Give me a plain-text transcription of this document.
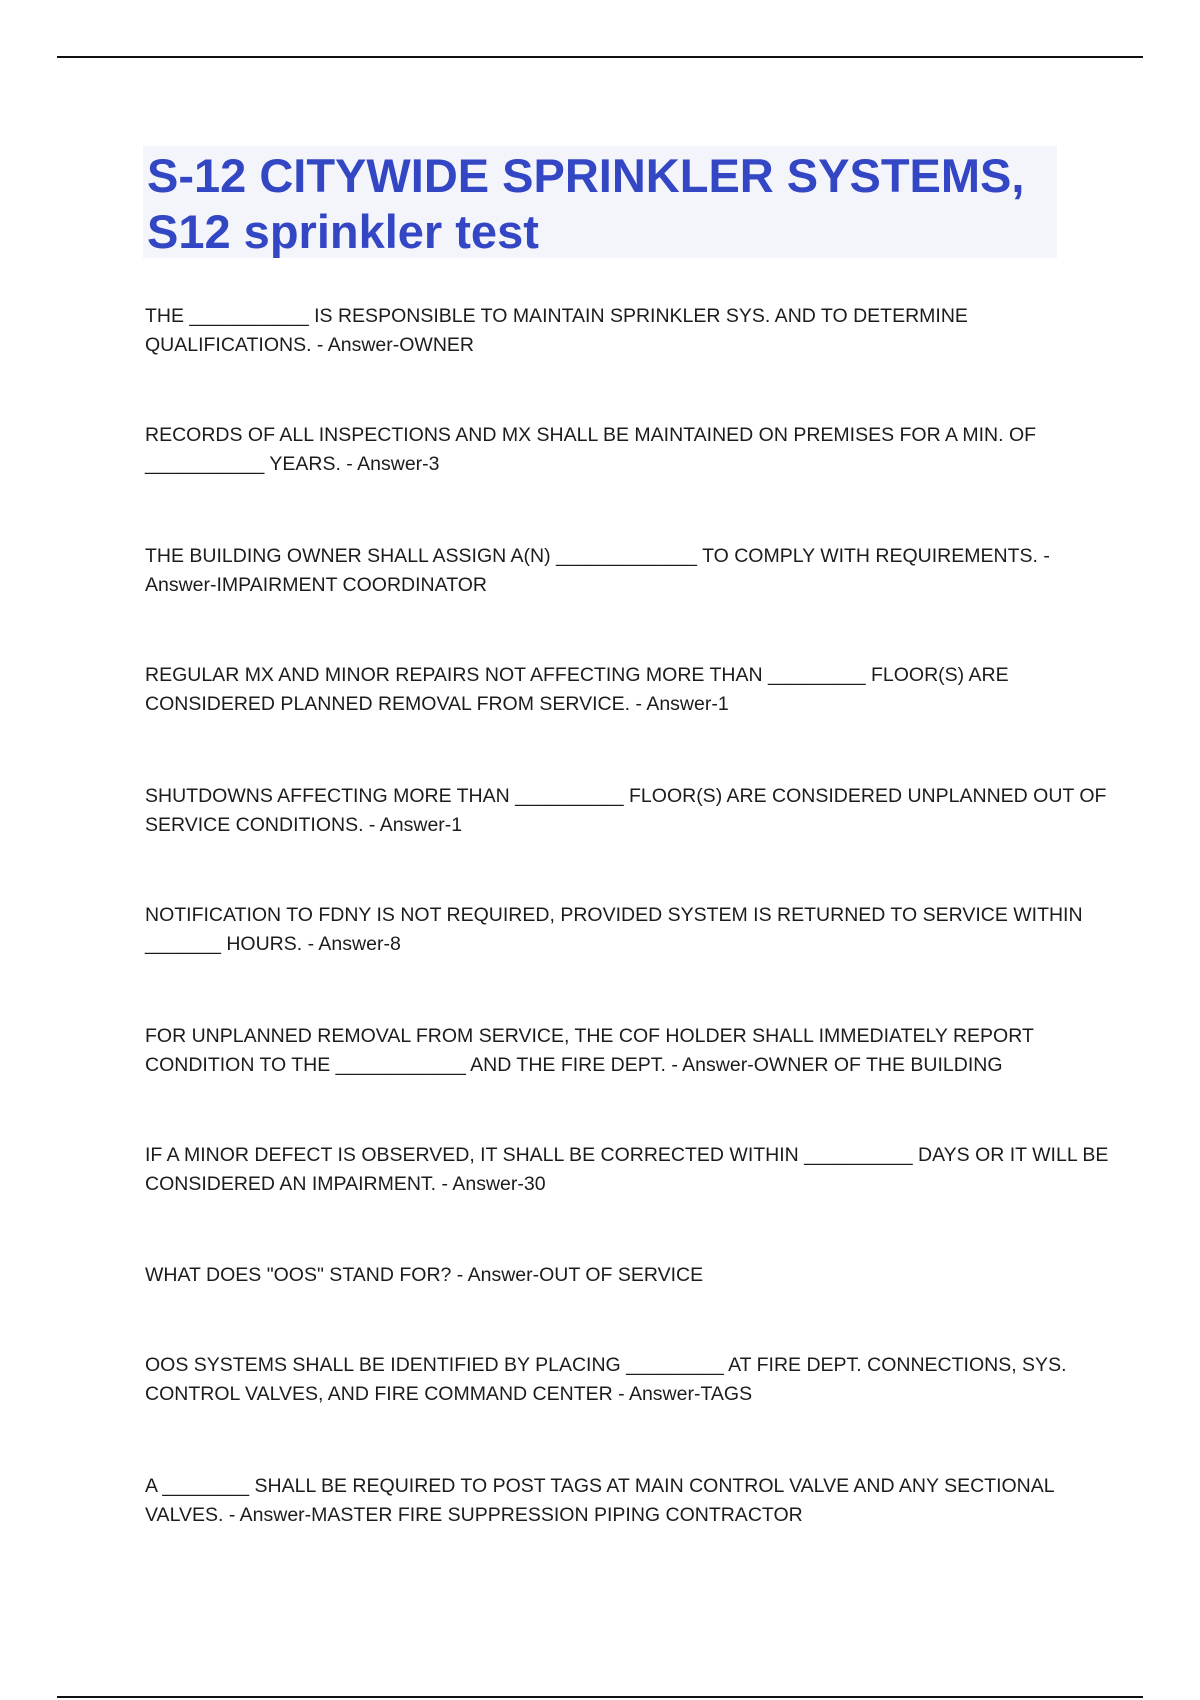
S-12 CITYWIDE SPRINKLER SYSTEMS,
S12 sprinkler test
THE ___________ IS RESPONSIBLE TO MAINTAIN SPRINKLER SYS. AND TO DETERMINE
QUALIFICATIONS. - Answer-OWNER
RECORDS OF ALL INSPECTIONS AND MX SHALL BE MAINTAINED ON PREMISES FOR A MIN. OF
___________ YEARS. - Answer-3
THE BUILDING OWNER SHALL ASSIGN A(N) _____________ TO COMPLY WITH REQUIREMENTS. -
Answer-IMPAIRMENT COORDINATOR
REGULAR MX AND MINOR REPAIRS NOT AFFECTING MORE THAN _________ FLOOR(S) ARE
CONSIDERED PLANNED REMOVAL FROM SERVICE. - Answer-1
SHUTDOWNS AFFECTING MORE THAN __________ FLOOR(S) ARE CONSIDERED UNPLANNED OUT OF
SERVICE CONDITIONS. - Answer-1
NOTIFICATION TO FDNY IS NOT REQUIRED, PROVIDED SYSTEM IS RETURNED TO SERVICE WITHIN
_______ HOURS. - Answer-8
FOR UNPLANNED REMOVAL FROM SERVICE, THE COF HOLDER SHALL IMMEDIATELY REPORT
CONDITION TO THE ____________ AND THE FIRE DEPT. - Answer-OWNER OF THE BUILDING
IF A MINOR DEFECT IS OBSERVED, IT SHALL BE CORRECTED WITHIN __________ DAYS OR IT WILL BE
CONSIDERED AN IMPAIRMENT. - Answer-30
WHAT DOES "OOS" STAND FOR? - Answer-OUT OF SERVICE
OOS SYSTEMS SHALL BE IDENTIFIED BY PLACING _________ AT FIRE DEPT. CONNECTIONS, SYS.
CONTROL VALVES, AND FIRE COMMAND CENTER - Answer-TAGS
A ________ SHALL BE REQUIRED TO POST TAGS AT MAIN CONTROL VALVE AND ANY SECTIONAL
VALVES. - Answer-MASTER FIRE SUPPRESSION PIPING CONTRACTOR
